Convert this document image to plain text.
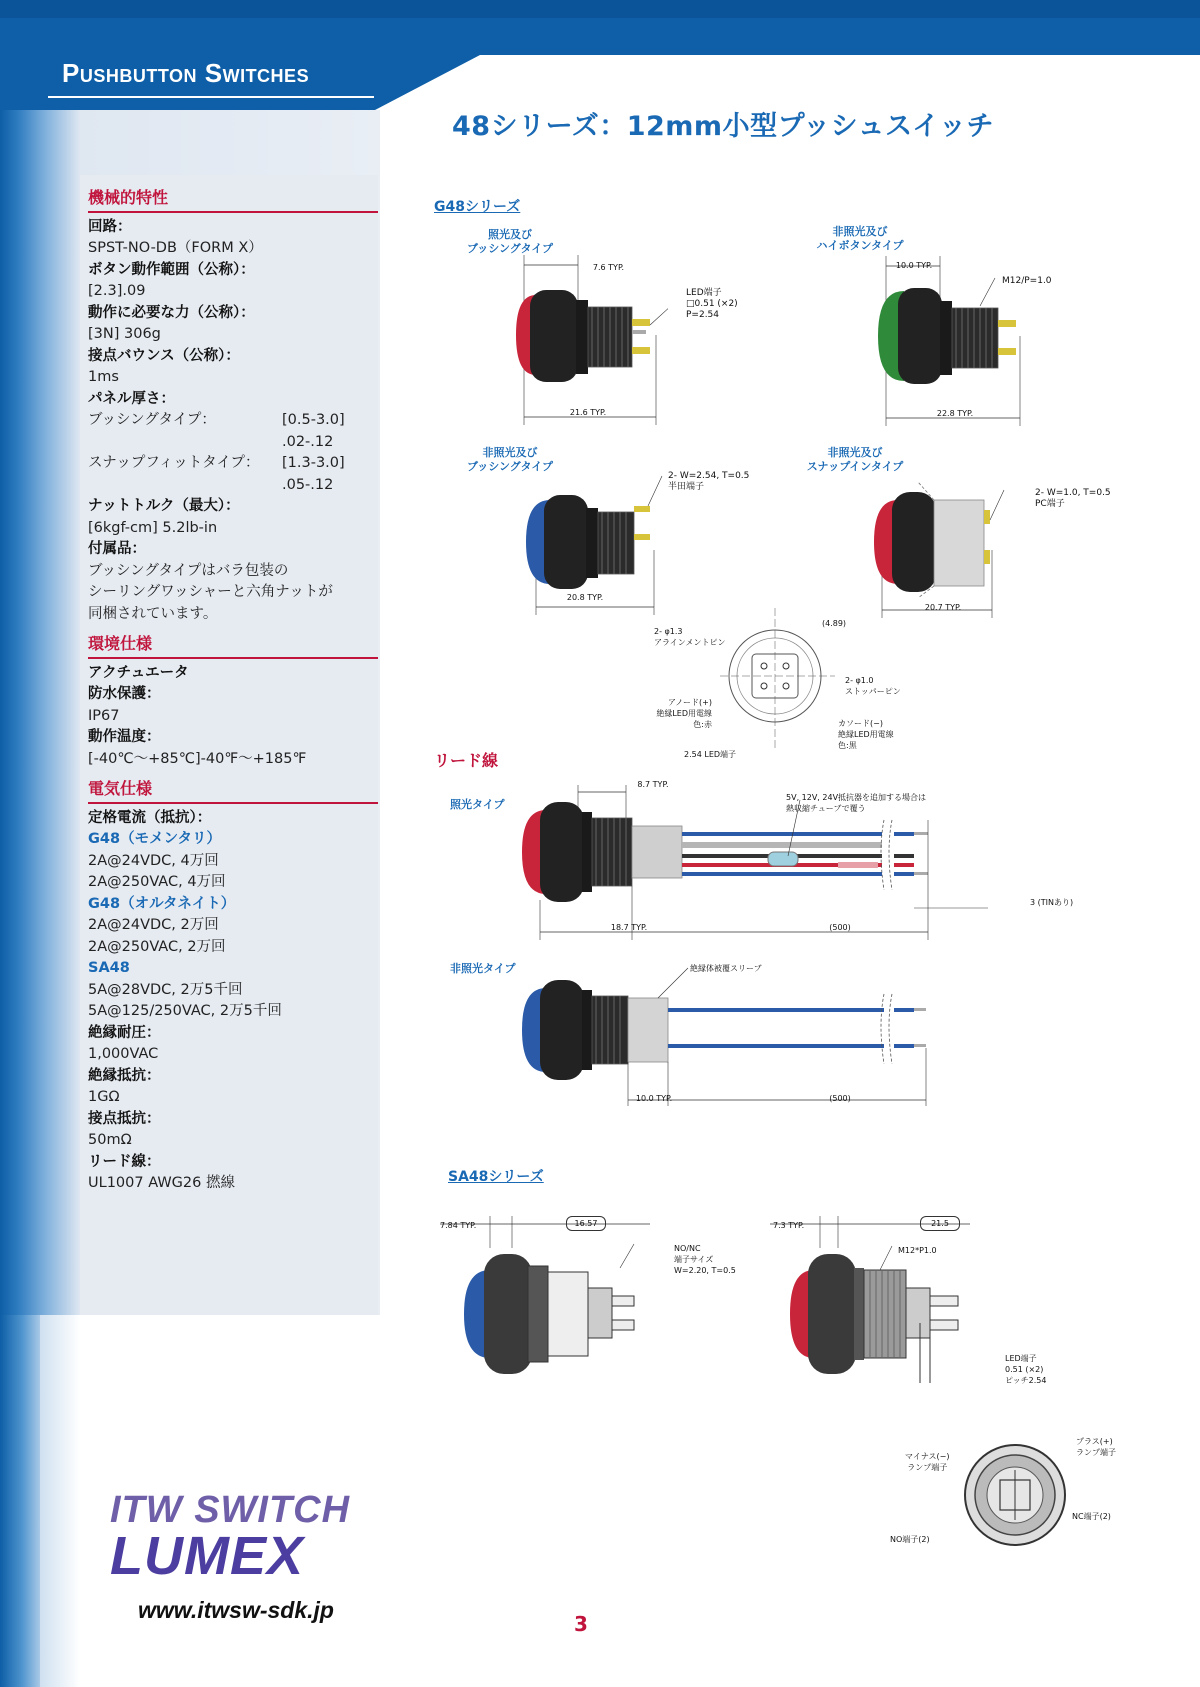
Pushbutton Switches
48シリーズ：12mm小型プッシュスイッチ
機械的特性
回路：
SPST-NO-DB（FORM X）
ボタン動作範囲（公称）：
[2.3].09
動作に必要な力（公称）：
[3N] 306g
接点バウンス（公称）：
1ms
パネル厚さ：
ブッシングタイプ：	[0.5-3.0]
.02-.12
スナップフィットタイプ：	[1.3-3.0]
.05-.12
ナットトルク（最大）：
[6kgf-cm] 5.2lb-in
付属品：
ブッシングタイプはバラ包装の
シーリングワッシャーと六角ナットが
同梱されています。
環境仕様
アクチュエータ
防水保護：
IP67
動作温度：
[-40℃〜+85℃]-40℉〜+185℉
電気仕様
定格電流（抵抗）：
G48（モメンタリ）
2A@24VDC, 4万回
2A@250VAC, 4万回
G48（オルタネイト）
2A@24VDC, 2万回
2A@250VAC, 2万回
SA48
5A@28VDC, 2万5千回
5A@125/250VAC, 2万5千回
絶縁耐圧：
1,000VAC
絶縁抵抗：
1GΩ
接点抵抗：
50mΩ
リード線：
UL1007 AWG26 撚線
G48シリーズ
照光及び
ブッシングタイプ
7.6 TYP.
21.6 TYP.
LED端子
□0.51 (×2)
P=2.54
非照光及び
ハイボタンタイプ
10.0 TYP.
22.8 TYP.
M12/P=1.0
非照光及び
ブッシングタイプ
20.8 TYP.
2- W=2.54, T=0.5
半田端子
非照光及び
スナップインタイプ
20.7 TYP.
2- W=1.0, T=0.5
PC端子
(4.89)
2- φ1.3
アラインメントピン
2- φ1.0
ストッパーピン
アノード(+)
絶縁LED用電線
色:赤	カソード(−)
絶縁LED用電線
色:黒
2.54 LED端子
リード線
照光タイプ
8.7 TYP.
5V, 12V, 24V抵抗器を追加する場合は
熱収縮チューブで覆う
3 (TINあり)
18.7 TYP.	(500)
非照光タイプ	絶縁体被覆スリーブ
10.0 TYP.	(500)
SA48シリーズ
7.84 TYP.	16.57
NO/NC
端子サイズ
W=2.20, T=0.5
7.3 TYP.	21.5
M12*P1.0
LED端子
0.51 (×2)
ピッチ2.54
マイナス(−)
ランプ端子
プラス(+)
ランプ端子
NC端子(2)
NO端子(2)
ITW SWITCH
LUMEX
www.itwsw-sdk.jp
3
